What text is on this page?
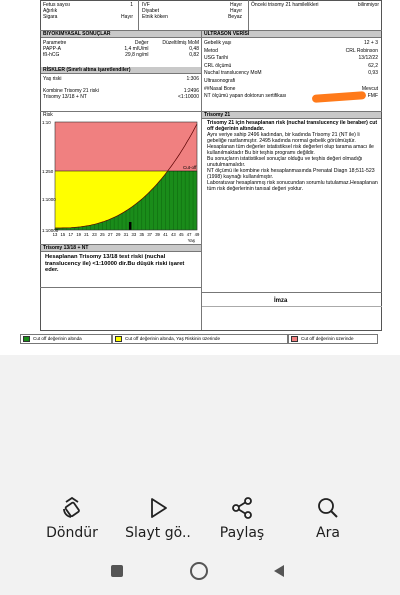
Fetus sayısı	1
Ağırlık
Sigara	Hayır
IVF	Hayır
Diyabet	Hayır
Etnik köken	Beyaz
Önceki trisomy 21 hamilelikleri	bilinmiyor
BIYOKIMYASAL SONUÇLAR
Parametre	Değer	Düzeltilmiş MoM
PAPP-A	1,4 mIU/ml	0,48
fß-hCG	29,8 ng/ml	0,82
RİSKLER (Sınırlı altına işaretlendiler)
Yaş riski	1:306
Kombine Trisomy 21 riski	1:2496
Trisomy 13/18 + NT	<1:10000
ULTRASON VERİSİ
Gebelik yaşı	12 + 3
Metod	CRL Robinson
USG Tarihi	13/12/22
CRL ölçümü	62,2
Nuchal translucency MoM	0,93
Ultrasonografi
##Nasal Bone	Mevcut
NT ölçümü yapan doktorun sertifikası	FMF
Risk
Cut-off
1:10
1:250
1:1000
1:10000
13 15 17 19 21 23 25 27 29 31 33 35 37 39 41 43 45 47 49
Yaş
Trisomy 21
Trisomy 21 için hesaplanan risk (nuchal translucency ile beraber) cut off değerinin altındadır.
Aynı veriye sahip 2496 kadından, bir kadında Trisomy 21 (NT ile) li gebeliğe rastlanmıştır. 2495 kadında normal gebelik görülmüştür.
Hesaplanan tüm değerler istatistiksel risk değerleri olup tarama amacı ile kullanılmaktadır Bu bir teşhis programı değildir.
Bu sonuçların istatistiksel sonuçlar olduğu ve teşhis değeri olmadığı unutulmamalıdır.
NT ölçümü ile kombine risk hesaplanmasında Prenatal Diagn 18;511-523 (1998) kaynağı kullanılmıştır.
Laboratuvar hesaplanmış risk sonucundan sorumlu tutulamaz.Hesaplanan tüm risk değerlerinin tanısal değeri yoktur.
Trisomy 13/18 + NT
Hesaplanan Trisomy 13/18 test riski (nuchal translucency ile) <1:10000 dir.Bu düşük riski işaret eder.
İmza
Cut off değerinin altında	Cut off değerinin altında, Yaş Riskinin üzerinde	Cut off değerinin üzerinde
Döndür	Slayt gö..	Paylaş	Ara
